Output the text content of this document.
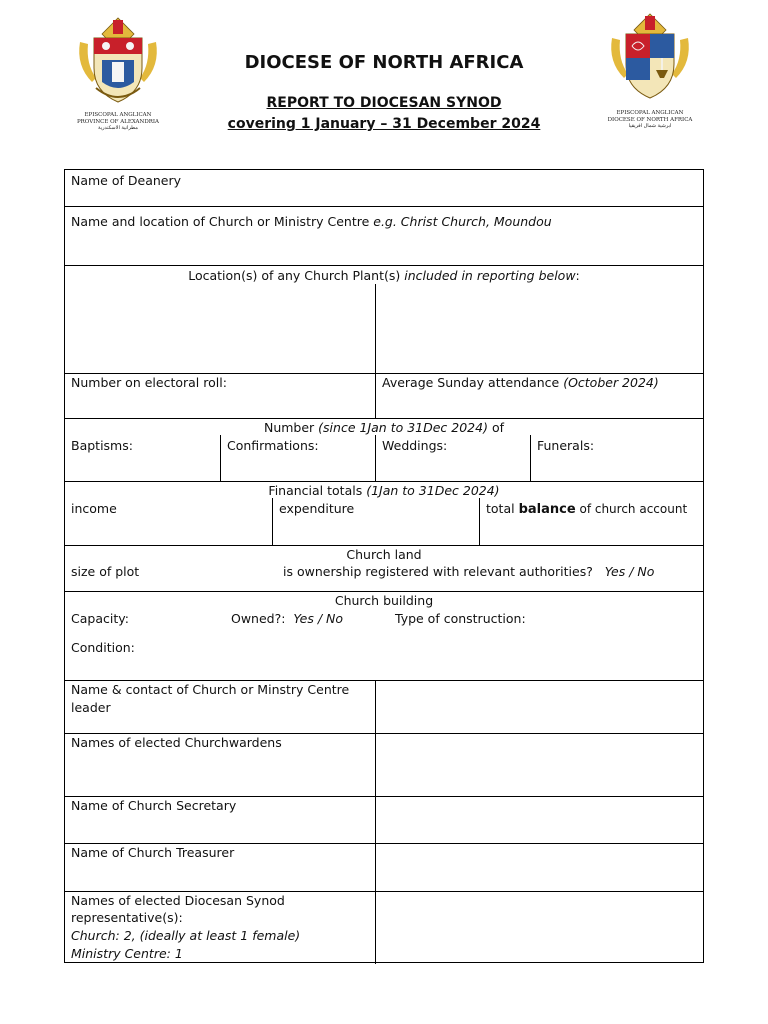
EPISCOPAL ANGLICAN
PROVINCE OF ALEXANDRIA
ﻣﻄﺮﺍﻧﻴﺔ ﺍﻻﺳﻜﻨﺪﺭﻳﺔ
EPISCOPAL ANGLICAN
DIOCESE OF NORTH AFRICA
ﺍﺑﺮﺷﻴﺔ ﺷﻤﺎﻝ ﺍﻓﺮﻳﻘﻴﺎ
DIOCESE OF NORTH AFRICA
REPORT TO DIOCESAN SYNOD
covering 1 January – 31 December 2024
Name of Deanery
Name and location of Church or Ministry Centre e.g. Christ Church, Moundou
Location(s) of any Church Plant(s) included in reporting below:
Number on electoral roll:	Average Sunday attendance (October 2024)
Number (since 1Jan to 31Dec 2024) of
Baptisms:	Confirmations:	Weddings:	Funerals:
Financial totals (1Jan to 31Dec 2024)
income	expenditure	total balance of church account
Church land
size of plot	is ownership registered with relevant authorities? Yes / No
Church building
Capacity:	Owned?: Yes / No	Type of construction:
Condition:
Name & contact of Church or Minstry Centre
leader
Names of elected Churchwardens
Name of Church Secretary
Name of Church Treasurer
Names of elected Diocesan Synod
representative(s):
Church: 2, (ideally at least 1 female)
Ministry Centre: 1
